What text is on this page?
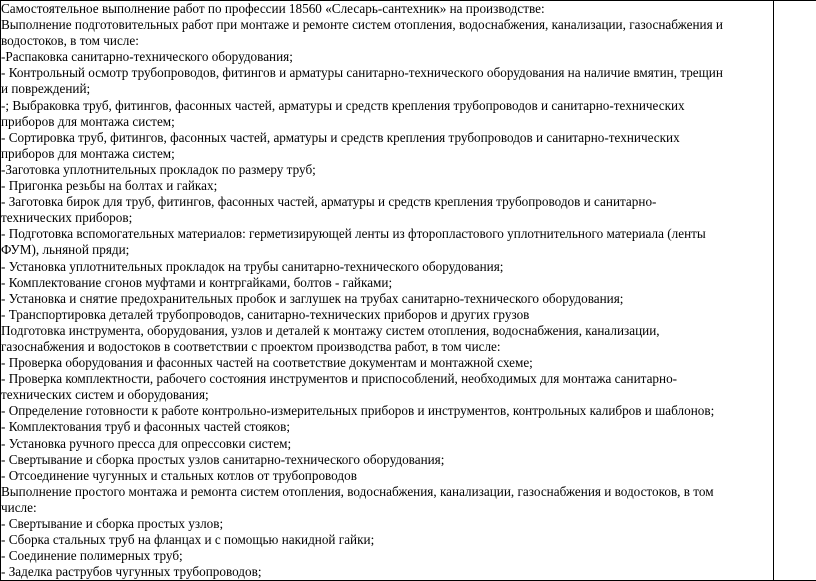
Самостоятельное выполнение работ по профессии 18560 «Слесарь-сантехник» на производстве:
Выполнение подготовительных работ при монтаже и ремонте систем отопления, водоснабжения, канализации, газоснабжения и
водостоков, в том числе:
-Распаковка санитарно-технического оборудования;
- Контрольный осмотр трубопроводов, фитингов и арматуры санитарно-технического оборудования на наличие вмятин, трещин
и повреждений;
-; Выбраковка труб, фитингов, фасонных частей, арматуры и средств крепления трубопроводов и санитарно-технических
приборов для монтажа систем;
- Сортировка труб, фитингов, фасонных частей, арматуры и средств крепления трубопроводов и санитарно-технических
приборов для монтажа систем;
-Заготовка уплотнительных прокладок по размеру труб;
- Пригонка резьбы на болтах и гайках;
- Заготовка бирок для труб, фитингов, фасонных частей, арматуры и средств крепления трубопроводов и санитарно-
технических приборов;
- Подготовка вспомогательных материалов: герметизирующей ленты из фторопластового уплотнительного материала (ленты
ФУМ), льняной пряди;
- Установка уплотнительных прокладок на трубы санитарно-технического оборудования;
- Комплектование сгонов муфтами и контргайками, болтов - гайками;
- Установка и снятие предохранительных пробок и заглушек на трубах санитарно-технического оборудования;
- Транспортировка деталей трубопроводов, санитарно-технических приборов и других грузов
Подготовка инструмента, оборудования, узлов и деталей к монтажу систем отопления, водоснабжения, канализации,
газоснабжения и водостоков в соответствии с проектом производства работ, в том числе:
- Проверка оборудования и фасонных частей на соответствие документам и монтажной схеме;
- Проверка комплектности, рабочего состояния инструментов и приспособлений, необходимых для монтажа санитарно-
технических систем и оборудования;
- Определение готовности к работе контрольно-измерительных приборов и инструментов, контрольных калибров и шаблонов;
- Комплектования труб и фасонных частей стояков;
- Установка ручного пресса для опрессовки систем;
- Свертывание и сборка простых узлов санитарно-технического оборудования;
- Отсоединение чугунных и стальных котлов от трубопроводов
Выполнение простого монтажа и ремонта систем отопления, водоснабжения, канализации, газоснабжения и водостоков, в том
числе:
- Свертывание и сборка простых узлов;
- Сборка стальных труб на фланцах и с помощью накидной гайки;
- Соединение полимерных труб;
- Заделка раструбов чугунных трубопроводов;
